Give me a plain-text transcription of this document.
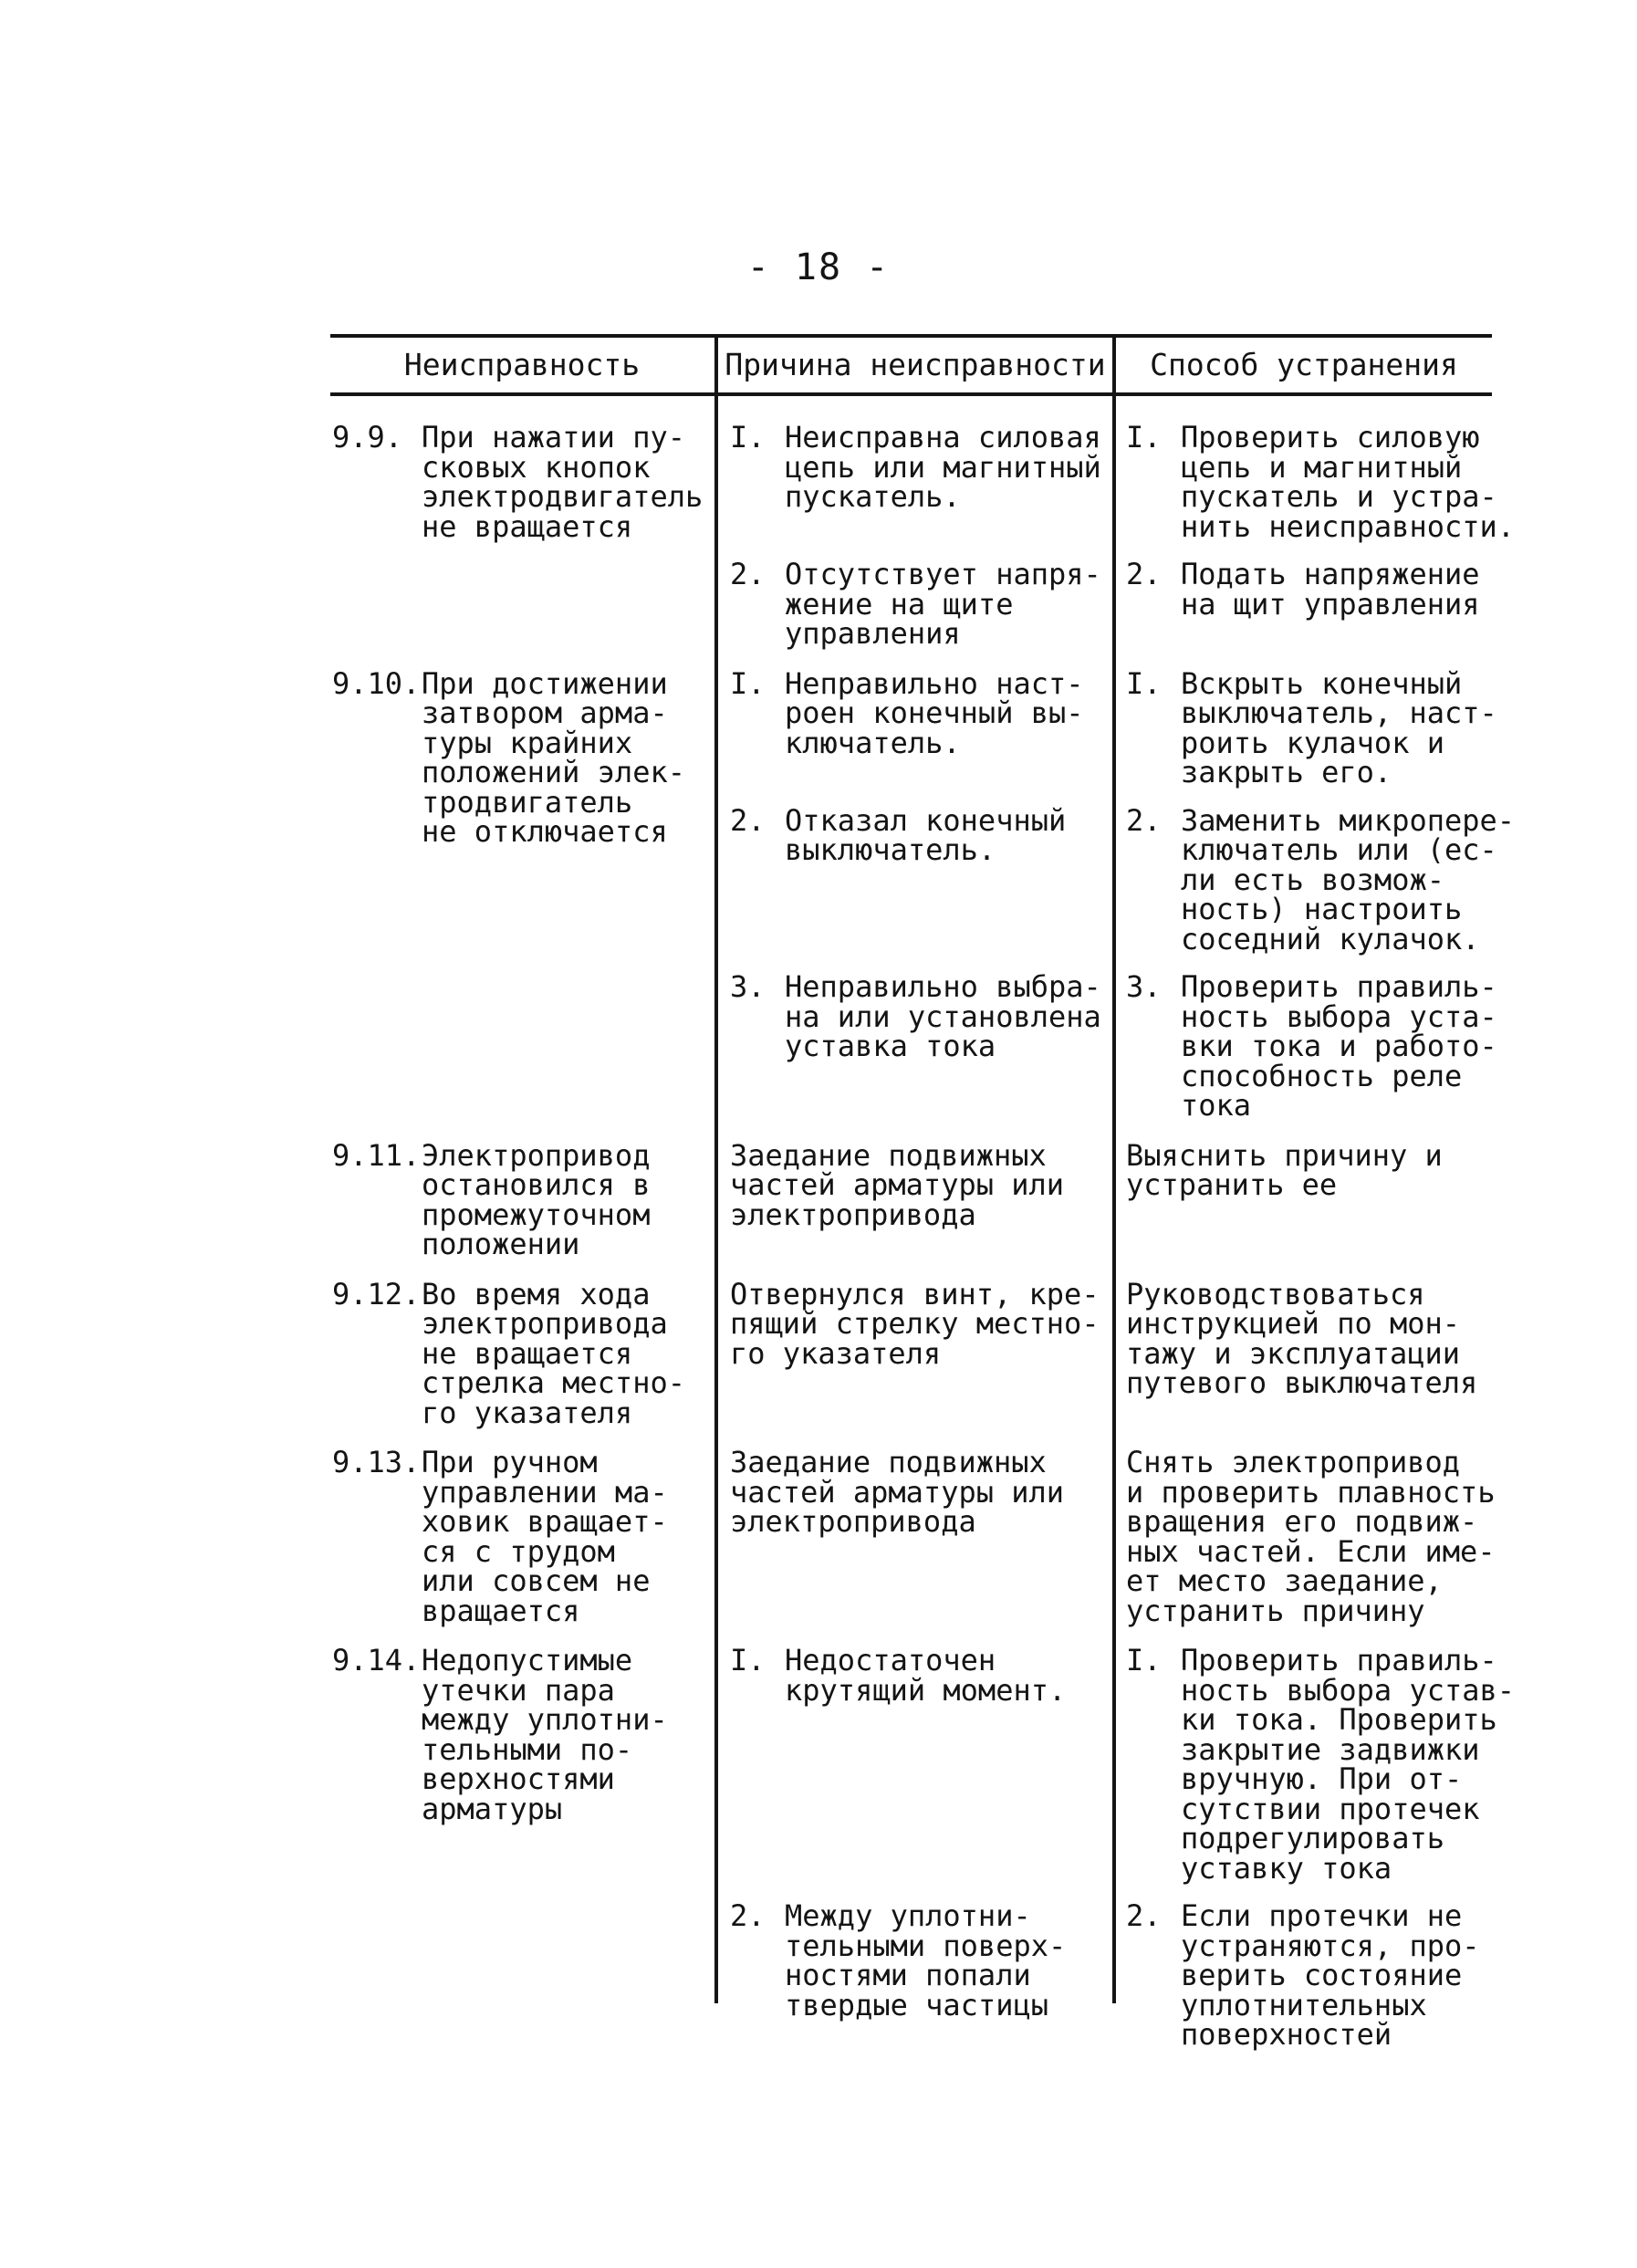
- 18 -
Неисправность	Причина неисправности	Способ устранения
9.9. При нажатии пу-
сковых кнопок
электродвигатель
не вращается
I. Неисправна силовая
цепь или магнитный
пускатель.
I. Проверить силовую
цепь и магнитный
пускатель и устра-
нить неисправности.
2. Отсутствует напря-
жение на щите
управления
2. Подать напряжение
на щит управления
9.10. При достижении
затвором арма-
туры крайних
положений элек-
тродвигатель
не отключается
I. Неправильно наст-
роен конечный вы-
ключатель.
I. Вскрыть конечный
выключатель, наст-
роить кулачок и
закрыть его.
2. Отказал конечный
выключатель.
2. Заменить микропере-
ключатель или (ес-
ли есть возмож-
ность) настроить
соседний кулачок.
3. Неправильно выбра-
на или установлена
уставка тока
3. Проверить правиль-
ность выбора уста-
вки тока и работо-
способность реле
тока
9.11. Электропривод
остановился в
промежуточном
положении
Заедание подвижных
частей арматуры или
электропривода
Выяснить причину и
устранить ее
9.12. Во время хода
электропривода
не вращается
стрелка местно-
го указателя
Отвернулся винт, кре-
пящий стрелку местно-
го указателя
Руководствоваться
инструкцией по мон-
тажу и эксплуатации
путевого выключателя
9.13. При ручном
управлении ма-
ховик вращает-
ся с трудом
или совсем не
вращается
Заедание подвижных
частей арматуры или
электропривода
Снять электропривод
и проверить плавность
вращения его подвиж-
ных частей. Если име-
ет место заедание,
устранить причину
9.14. Недопустимые
утечки пара
между уплотни-
тельными по-
верхностями
арматуры
I. Недостаточен
крутящий момент.
I. Проверить правиль-
ность выбора устав-
ки тока. Проверить
закрытие задвижки
вручную. При от-
сутствии протечек
подрегулировать
уставку тока
2. Между уплотни-
тельными поверх-
ностями попали
твердые частицы
2. Если протечки не
устраняются, про-
верить состояние
уплотнительных
поверхностей
